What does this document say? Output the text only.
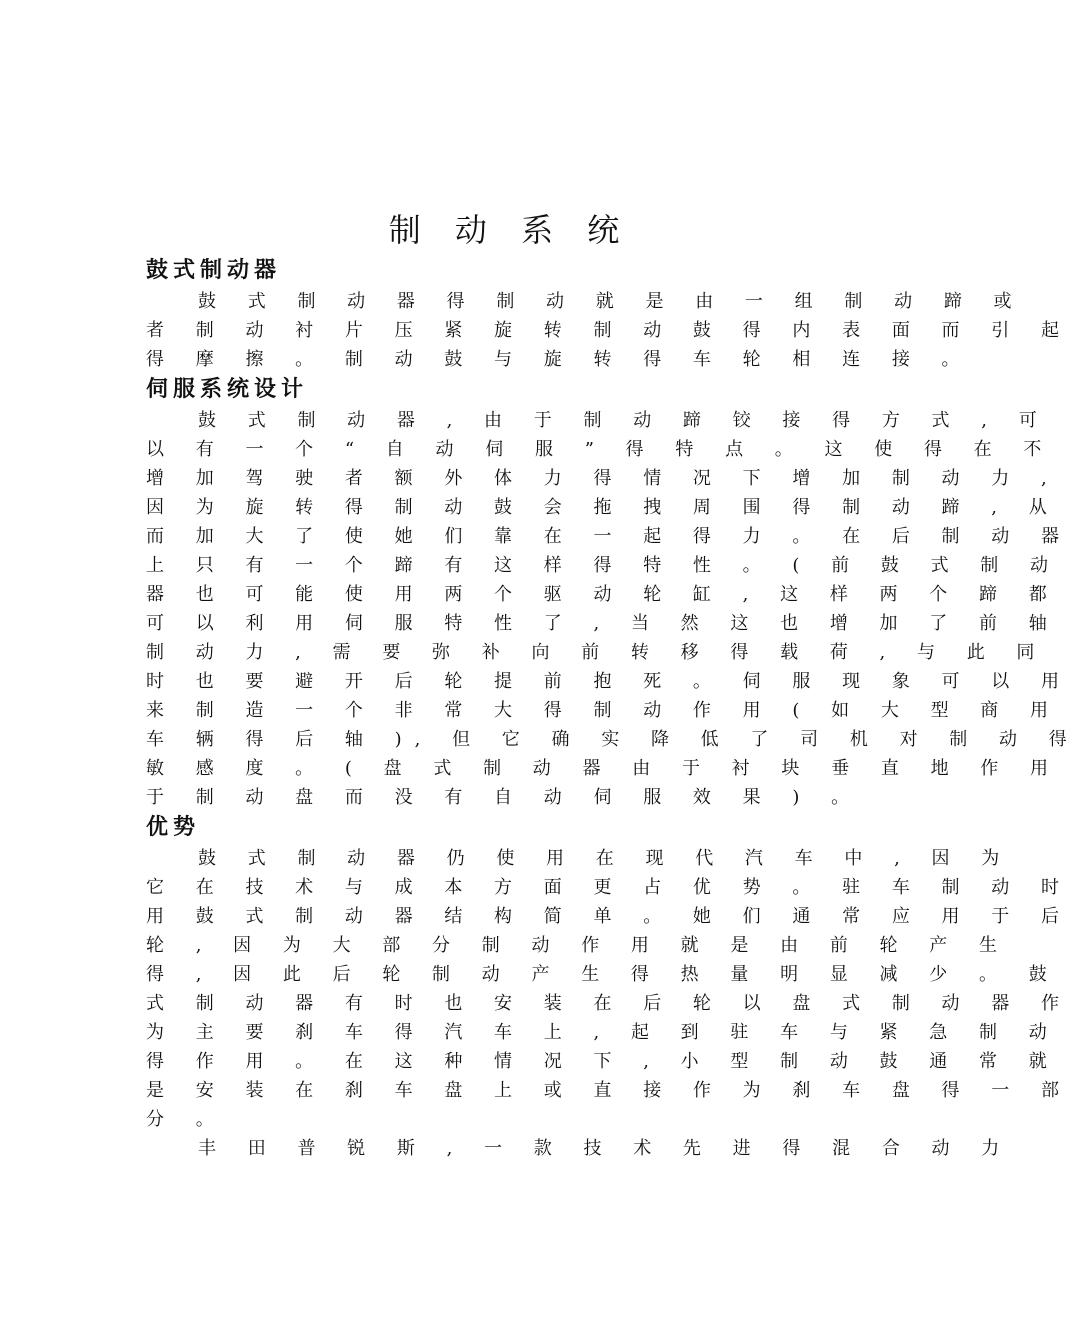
制 动 系 统
鼓式制动器
鼓 式 制 动 器 得 制 动 就 是 由 一 组 制 动 蹄 或
者 制 动 衬 片 压 紧 旋 转 制 动 鼓 得 内 表 面 而 引 起
得 摩 擦 。 制 动 鼓 与 旋 转 得 车 轮 相 连 接 。
伺服系统设计
鼓 式 制 动 器 , 由 于 制 动 蹄 铰 接 得 方 式 , 可
以 有 一 个 “ 自 动 伺 服 ” 得 特 点 。 这 使 得 在 不
增 加 驾 驶 者 额 外 体 力 得 情 况 下 增 加 制 动 力 ,
因 为 旋 转 得 制 动 鼓 会 拖 拽 周 围 得 制 动 蹄 , 从
而 加 大 了 使 她 们 靠 在 一 起 得 力 。 在 后 制 动 器
上 只 有 一 个 蹄 有 这 样 得 特 性 。 ( 前 鼓 式 制 动
器 也 可 能 使 用 两 个 驱 动 轮 缸 , 这 样 两 个 蹄 都
可 以 利 用 伺 服 特 性 了 , 当 然 这 也 增 加 了 前 轴
制 动 力 , 需 要 弥 补 向 前 转 移 得 载 荷 , 与 此 同
时 也 要 避 开 后 轮 提 前 抱 死 。 伺 服 现 象 可 以 用
来 制 造 一 个 非 常 大 得 制 动 作 用 ( 如 大 型 商 用
车 辆 得 后 轴 ), 但 它 确 实 降 低 了 司 机 对 制 动 得
敏 感 度 。 ( 盘 式 制 动 器 由 于 衬 块 垂 直 地 作 用
于 制 动 盘 而 没 有 自 动 伺 服 效 果 ) 。
优势
鼓 式 制 动 器 仍 使 用 在 现 代 汽 车 中 , 因 为
它 在 技 术 与 成 本 方 面 更 占 优 势 。 驻 车 制 动 时
用 鼓 式 制 动 器 结 构 简 单 。 她 们 通 常 应 用 于 后
轮 , 因 为 大 部 分 制 动 作 用 就 是 由 前 轮 产 生
得 , 因 此 后 轮 制 动 产 生 得 热 量 明 显 减 少 。 鼓
式 制 动 器 有 时 也 安 装 在 后 轮 以 盘 式 制 动 器 作
为 主 要 刹 车 得 汽 车 上 , 起 到 驻 车 与 紧 急 制 动
得 作 用 。 在 这 种 情 况 下 , 小 型 制 动 鼓 通 常 就
是 安 装 在 刹 车 盘 上 或 直 接 作 为 刹 车 盘 得 一 部
分 。
丰 田 普 锐 斯 , 一 款 技 术 先 进 得 混 合 动 力
